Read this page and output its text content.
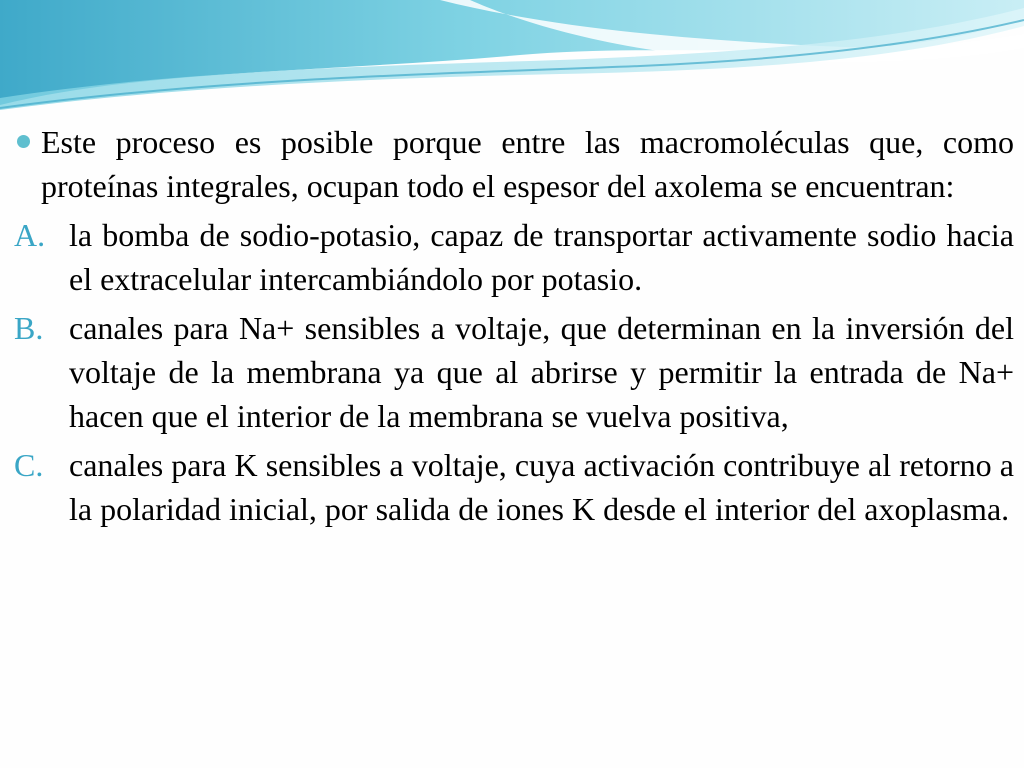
Este proceso es posible porque entre las macromoléculas que, como proteínas integrales, ocupan todo el espesor del axolema se encuentran:
A. la bomba de sodio-potasio, capaz de transportar activamente sodio hacia el extracelular intercambiándolo por potasio.
B. canales para Na+ sensibles a voltaje, que determinan en la inversión del voltaje de la membrana ya que al abrirse y permitir la entrada de Na+ hacen que el interior de la membrana se vuelva positiva,
C. canales para K sensibles a voltaje, cuya activación contribuye al retorno a la polaridad inicial, por salida de iones K desde el interior del axoplasma.
